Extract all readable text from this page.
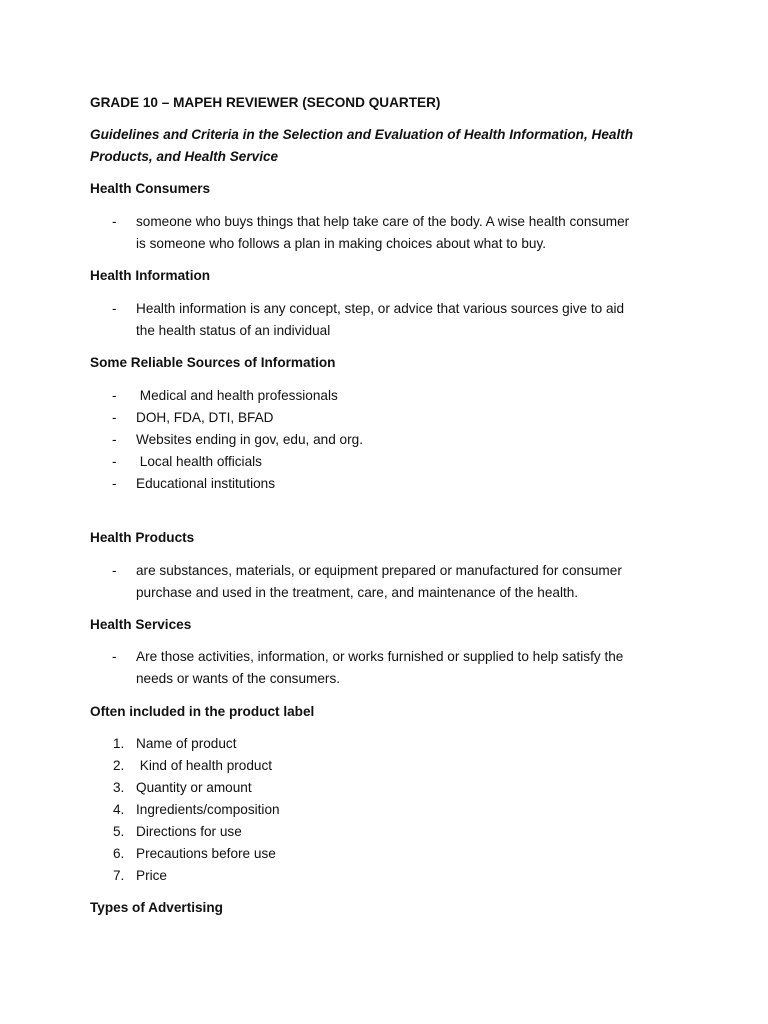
GRADE 10 – MAPEH REVIEWER (SECOND QUARTER)
Guidelines and Criteria in the Selection and Evaluation of Health Information, Health
Products, and Health Service
Health Consumers
- someone who buys things that help take care of the body. A wise health consumer
is someone who follows a plan in making choices about what to buy.
Health Information
- Health information is any concept, step, or advice that various sources give to aid
the health status of an individual
Some Reliable Sources of Information
- Medical and health professionals
- DOH, FDA, DTI, BFAD
- Websites ending in gov, edu, and org.
- Local health officials
- Educational institutions
Health Products
- are substances, materials, or equipment prepared or manufactured for consumer
purchase and used in the treatment, care, and maintenance of the health.
Health Services
- Are those activities, information, or works furnished or supplied to help satisfy the
needs or wants of the consumers.
Often included in the product label
1. Name of product
2. Kind of health product
3. Quantity or amount
4. Ingredients/composition
5. Directions for use
6. Precautions before use
7. Price
Types of Advertising
